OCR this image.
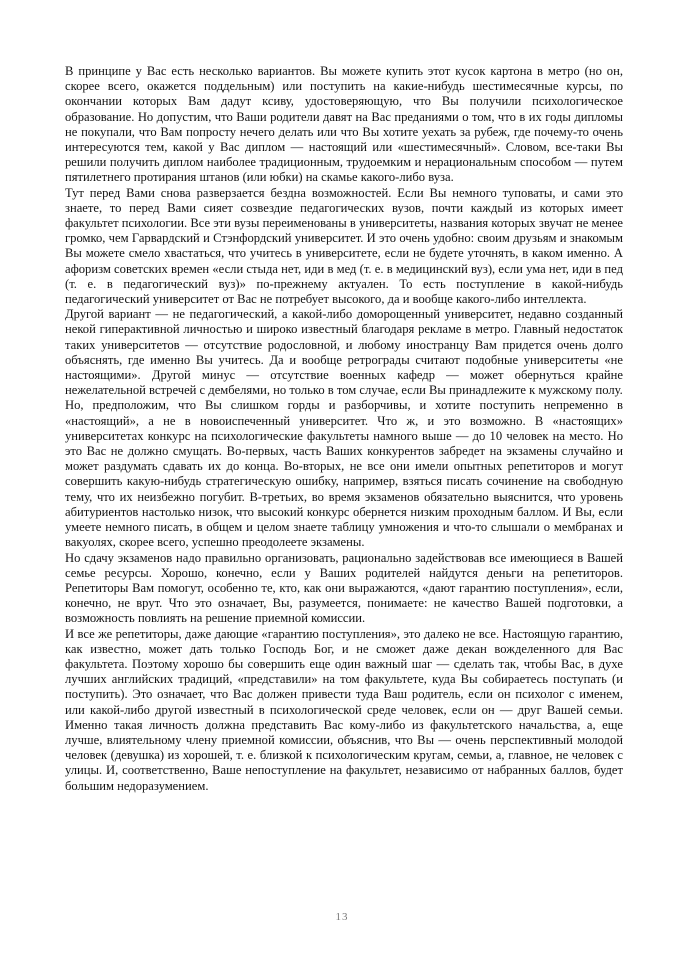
В принципе у Вас есть несколько вариантов. Вы можете купить этот кусок картона в метро (но он, скорее всего, окажется поддельным) или поступить на какие-нибудь шестимесячные курсы, по окончании которых Вам дадут ксиву, удостоверяющую, что Вы получили психологическое образование. Но допустим, что Ваши родители давят на Вас преданиями о том, что в их годы дипломы не покупали, что Вам попросту нечего делать или что Вы хотите уехать за рубеж, где почему-то очень интересуются тем, какой у Вас диплом — настоящий или «шестимесячный». Словом, все-таки Вы решили получить диплом наиболее традиционным, трудоемким и нерациональным способом — путем пятилетнего протирания штанов (или юбки) на скамье какого-либо вуза.

Тут перед Вами снова разверзается бездна возможностей. Если Вы немного туповаты, и сами это знаете, то перед Вами сияет созвездие педагогических вузов, почти каждый из которых имеет факультет психологии. Все эти вузы переименованы в университеты, названия которых звучат не менее громко, чем Гарвардский и Стэнфордский университет. И это очень удобно: своим друзьям и знакомым Вы можете смело хвастаться, что учитесь в университете, если не будете уточнять, в каком именно. А афоризм советских времен «если стыда нет, иди в мед (т. е. в медицинский вуз), если ума нет, иди в пед (т. е. в педагогический вуз)» по-прежнему актуален. То есть поступление в какой-нибудь педагогический университет от Вас не потребует высокого, да и вообще какого-либо интеллекта.

Другой вариант — не педагогический, а какой-либо доморощенный университет, недавно созданный некой гиперактивной личностью и широко известный благодаря рекламе в метро. Главный недостаток таких университетов — отсутствие родословной, и любому иностранцу Вам придется очень долго объяснять, где именно Вы учитесь. Да и вообще ретрограды считают подобные университеты «не настоящими». Другой минус — отсутствие военных кафедр — может обернуться крайне нежелательной встречей с дембелями, но только в том случае, если Вы принадлежите к мужскому полу.

Но, предположим, что Вы слишком горды и разборчивы, и хотите поступить непременно в «настоящий», а не в новоиспеченный университет. Что ж, и это возможно. В «настоящих» университетах конкурс на психологические факультеты намного выше — до 10 человек на место. Но это Вас не должно смущать. Во-первых, часть Ваших конкурентов забредет на экзамены случайно и может раздумать сдавать их до конца. Во-вторых, не все они имели опытных репетиторов и могут совершить какую-нибудь стратегическую ошибку, например, взяться писать сочинение на свободную тему, что их неизбежно погубит. В-третьих, во время экзаменов обязательно выяснится, что уровень абитуриентов настолько низок, что высокий конкурс обернется низким проходным баллом. И Вы, если умеете немного писать, в общем и целом знаете таблицу умножения и что-то слышали о мембранах и вакуолях, скорее всего, успешно преодолеете экзамены.

Но сдачу экзаменов надо правильно организовать, рационально задействовав все имеющиеся в Вашей семье ресурсы. Хорошо, конечно, если у Ваших родителей найдутся деньги на репетиторов. Репетиторы Вам помогут, особенно те, кто, как они выражаются, «дают гарантию поступления», если, конечно, не врут. Что это означает, Вы, разумеется, понимаете: не качество Вашей подготовки, а возможность повлиять на решение приемной комиссии.

И все же репетиторы, даже дающие «гарантию поступления», это далеко не все. Настоящую гарантию, как известно, может дать только Господь Бог, и не сможет даже декан вожделенного для Вас факультета. Поэтому хорошо бы совершить еще один важный шаг — сделать так, чтобы Вас, в духе лучших английских традиций, «представили» на том факультете, куда Вы собираетесь поступать (и поступить). Это означает, что Вас должен привести туда Ваш родитель, если он психолог с именем, или какой-либо другой известный в психологической среде человек, если он — друг Вашей семьи. Именно такая личность должна представить Вас кому-либо из факультетского начальства, а, еще лучше, влиятельному члену приемной комиссии, объяснив, что Вы — очень перспективный молодой человек (девушка) из хорошей, т. е. близкой к психологическим кругам, семьи, а, главное, не человек с улицы. И, соответственно, Ваше непоступление на факультет, независимо от набранных баллов, будет большим недоразумением.

13
